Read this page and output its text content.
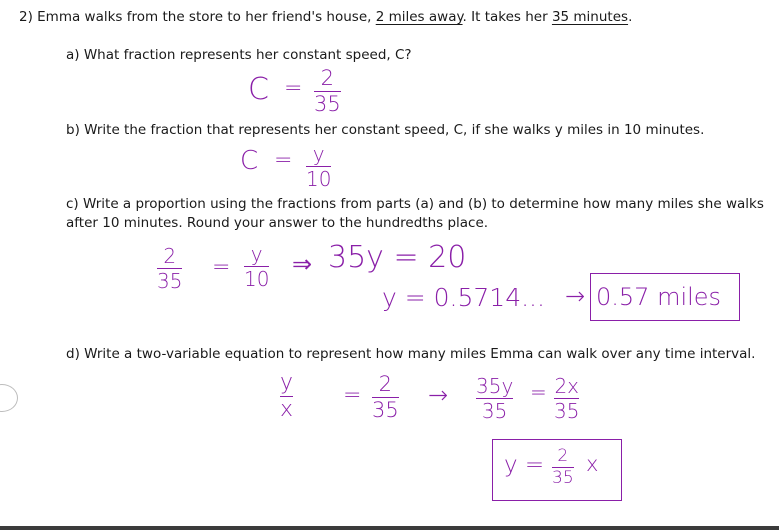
2) Emma walks from the store to her friend's house, 2 miles away. It takes her 35 minutes.

a) What fraction represents her constant speed, C?

b) Write the fraction that represents her constant speed, C, if she walks y miles in 10 minutes.

c) Write a proportion using the fractions from parts (a) and (b) to determine how many miles she walks

after 10 minutes. Round your answer to the hundredths place.

d) Write a two-variable equation to represent how many miles Emma can walk over any time interval.

C = 2
35
C = y
10
2
35
=
y
10
⇒ 35y = 20
y = 0.5714... → 0.57 miles
y
x
= 2
35
→ 35y
35
= 2x
35
y = 2
35
x
